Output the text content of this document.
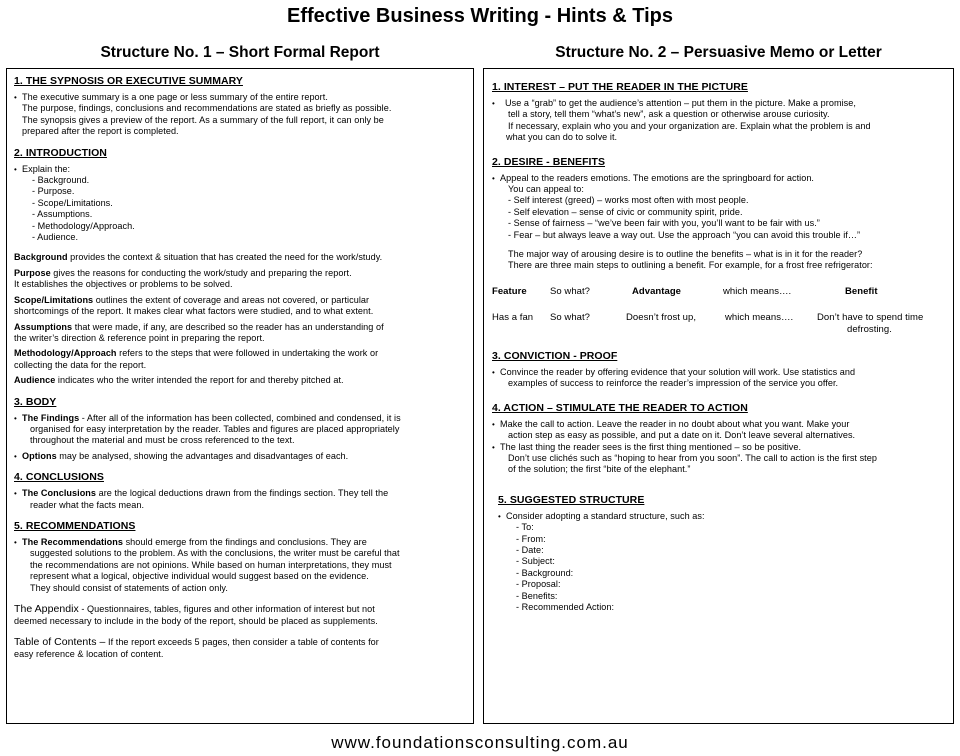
Effective Business Writing - Hints & Tips
Structure No. 1 – Short Formal Report	Structure No. 2 – Persuasive Memo or Letter
1. THE SYPNOSIS OR EXECUTIVE SUMMARY
• The executive summary is a one page or less summary of the entire report.
The purpose, findings, conclusions and recommendations are stated as briefly as possible.
The synopsis gives a preview of the report. As a summary of the full report, it can only be
prepared after the report is completed.
2. INTRODUCTION
• Explain the:
- Background.
- Purpose.
- Scope/Limitations.
- Assumptions.
- Methodology/Approach.
- Audience.
Background provides the context & situation that has created the need for the work/study.
Purpose gives the reasons for conducting the work/study and preparing the report.
It establishes the objectives or problems to be solved.
Scope/Limitations outlines the extent of coverage and areas not covered, or particular
shortcomings of the report. It makes clear what factors were studied, and to what extent.
Assumptions that were made, if any, are described so the reader has an understanding of
the writer’s direction & reference point in preparing the report.
Methodology/Approach refers to the steps that were followed in undertaking the work or
collecting the data for the report.
Audience indicates who the writer intended the report for and thereby pitched at.
3. BODY
• The Findings - After all of the information has been collected, combined and condensed, it is
organised for easy interpretation by the reader. Tables and figures are placed appropriately
throughout the material and must be cross referenced to the text.
• Options may be analysed, showing the advantages and disadvantages of each.
4. CONCLUSIONS
• The Conclusions are the logical deductions drawn from the findings section. They tell the
reader what the facts mean.
5. RECOMMENDATIONS
• The Recommendations should emerge from the findings and conclusions. They are
suggested solutions to the problem. As with the conclusions, the writer must be careful that
the recommendations are not opinions. While based on human interpretations, they must
represent what a logical, objective individual would suggest based on the evidence.
They should consist of statements of action only.
The Appendix - Questionnaires, tables, figures and other information of interest but not
deemed necessary to include in the body of the report, should be placed as supplements.
Table of Contents – If the report exceeds 5 pages, then consider a table of contents for
easy reference & location of content.
1. INTEREST – PUT THE READER IN THE PICTURE
• Use a “grab” to get the audience’s attention – put them in the picture. Make a promise,
tell a story, tell them “what’s new”, ask a question or otherwise arouse curiosity.
If necessary, explain who you and your organization are. Explain what the problem is and
what you can do to solve it.
2. DESIRE - BENEFITS
• Appeal to the readers emotions. The emotions are the springboard for action.
You can appeal to:
- Self interest (greed) – works most often with most people.
- Self elevation – sense of civic or community spirit, pride.
- Sense of fairness – “we’ve been fair with you, you’ll want to be fair with us.”
- Fear – but always leave a way out. Use the approach “you can avoid this trouble if…”
The major way of arousing desire is to outline the benefits – what is in it for the reader?
There are three main steps to outlining a benefit. For example, for a frost free refrigerator:
Feature	So what?	Advantage	which means….	Benefit
Has a fan	So what?	Doesn’t frost up,	which means….	Don’t have to spend time
defrosting.
3. CONVICTION - PROOF
• Convince the reader by offering evidence that your solution will work. Use statistics and
examples of success to reinforce the reader’s impression of the service you offer.
4. ACTION – STIMULATE THE READER TO ACTION
• Make the call to action. Leave the reader in no doubt about what you want. Make your
action step as easy as possible, and put a date on it. Don’t leave several alternatives.
• The last thing the reader sees is the first thing mentioned – so be positive.
Don’t use clichés such as “hoping to hear from you soon”. The call to action is the first step
of the solution; the first “bite of the elephant.”
5. SUGGESTED STRUCTURE
• Consider adopting a standard structure, such as:
- To:
- From:
- Date:
- Subject:
- Background:
- Proposal:
- Benefits:
- Recommended Action:
www.foundationsconsulting.com.au
